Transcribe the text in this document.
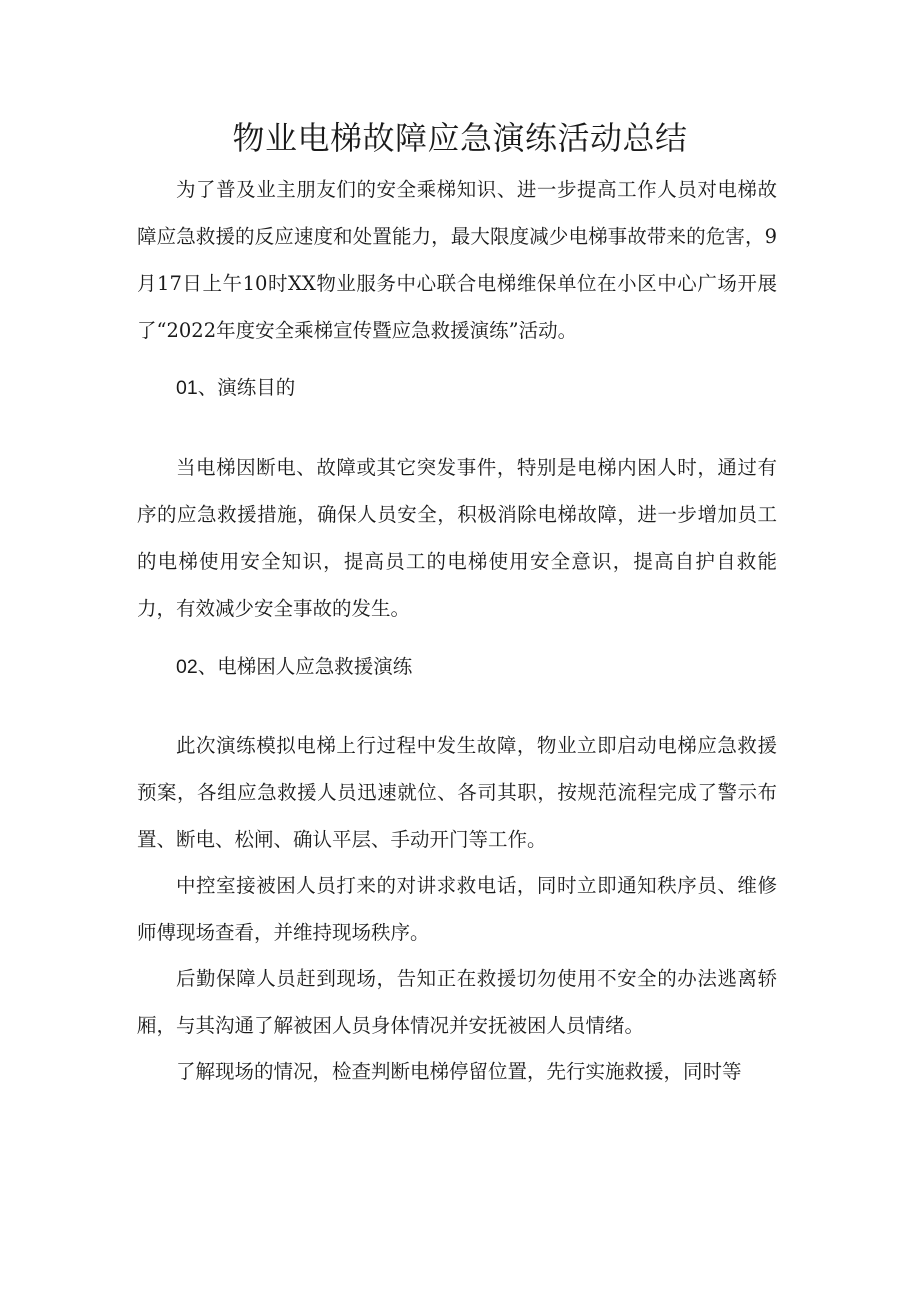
物业电梯故障应急演练活动总结

为了普及业主朋友们的安全乘梯知识、进一步提高工作人员对电梯故障应急救援的反应速度和处置能力，最大限度减少电梯事故带来的危害，9月17日上午10时XX物业服务中心联合电梯维保单位在小区中心广场开展了“2022年度安全乘梯宣传暨应急救援演练”活动。

01、演练目的

当电梯因断电、故障或其它突发事件，特别是电梯内困人时，通过有序的应急救援措施，确保人员安全，积极消除电梯故障，进一步增加员工的电梯使用安全知识，提高员工的电梯使用安全意识，提高自护自救能力，有效减少安全事故的发生。

02、电梯困人应急救援演练

此次演练模拟电梯上行过程中发生故障，物业立即启动电梯应急救援预案，各组应急救援人员迅速就位、各司其职，按规范流程完成了警示布置、断电、松闸、确认平层、手动开门等工作。

中控室接被困人员打来的对讲求救电话，同时立即通知秩序员、维修师傅现场查看，并维持现场秩序。

后勤保障人员赶到现场，告知正在救援切勿使用不安全的办法逃离轿厢，与其沟通了解被困人员身体情况并安抚被困人员情绪。

了解现场的情况，检查判断电梯停留位置，先行实施救援，同时等
